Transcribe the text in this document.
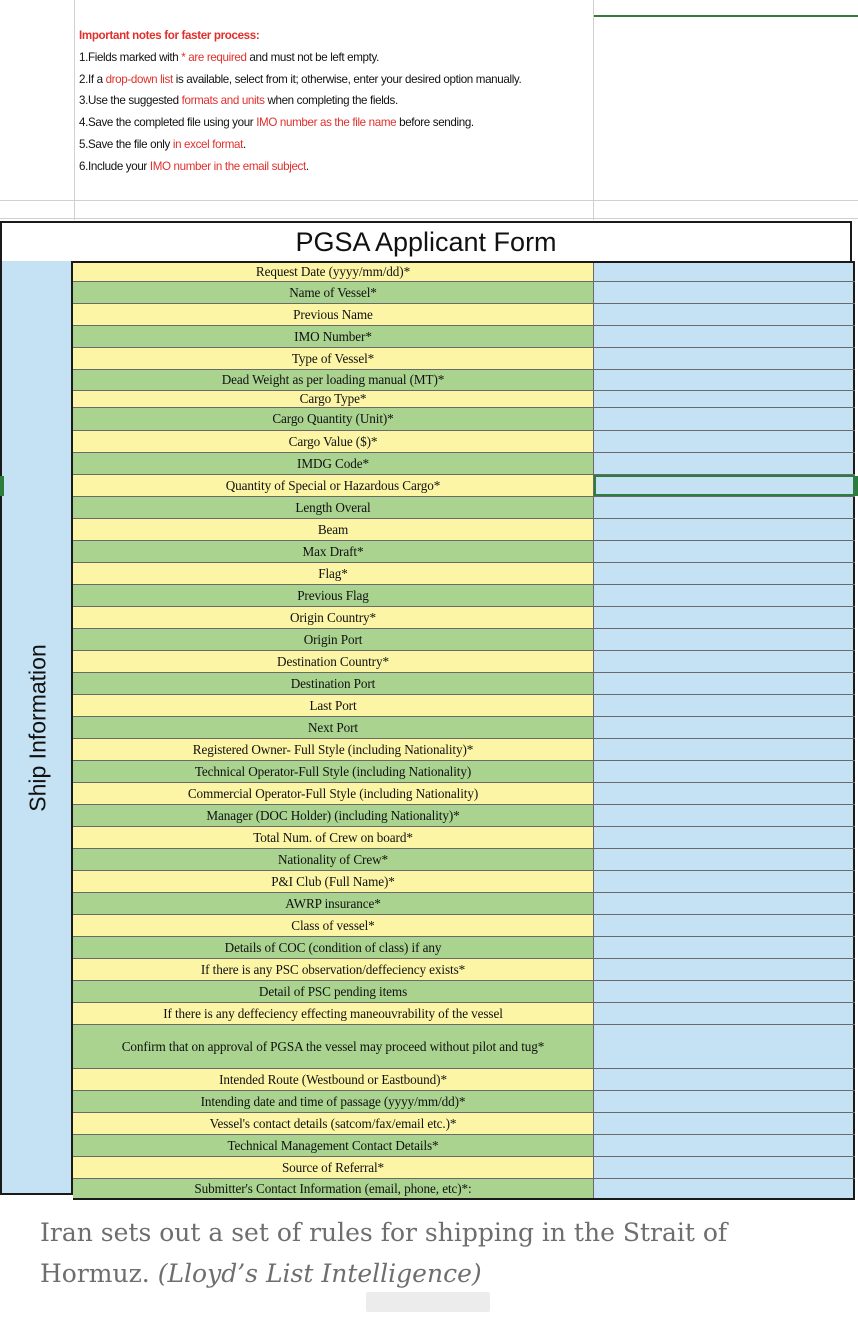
Important notes for faster process:
1.Fields marked with * are required and must not be left empty.
2.If a drop-down list is available, select from it; otherwise, enter your desired option manually.
3.Use the suggested formats and units when completing the fields.
4.Save the completed file using your IMO number as the file name before sending.
5.Save the file only in excel format.
6.Include your IMO number in the email subject.
PGSA Applicant Form
Ship Information
Request Date (yyyy/mm/dd)*
Name of Vessel*
Previous Name
IMO Number*
Type of Vessel*
Dead Weight as per loading manual (MT)*
Cargo Type*
Cargo Quantity (Unit)*
Cargo Value ($)*
IMDG Code*
Quantity of Special or Hazardous Cargo*
Length Overal
Beam
Max Draft*
Flag*
Previous Flag
Origin Country*
Origin Port
Destination Country*
Destination Port
Last Port
Next Port
Registered Owner- Full Style (including Nationality)*
Technical Operator-Full Style (including Nationality)
Commercial Operator-Full Style (including Nationality)
Manager (DOC Holder) (including Nationality)*
Total Num. of Crew on board*
Nationality of Crew*
P&I Club (Full Name)*
AWRP insurance*
Class of vessel*
Details of COC (condition of class) if any
If there is any PSC observation/deffeciency exists*
Detail of PSC pending items
If there is any deffeciency effecting maneouvrability of the vessel
Confirm that on approval of PGSA the vessel may proceed without pilot and tug*
Intended Route (Westbound or Eastbound)*
Intending date and time of passage (yyyy/mm/dd)*
Vessel's contact details (satcom/fax/email etc.)*
Technical Management Contact Details*
Source of Referral*
Submitter's Contact Information (email, phone, etc)*:
Iran sets out a set of rules for shipping in the Strait of Hormuz. (Lloyd’s List Intelligence)
